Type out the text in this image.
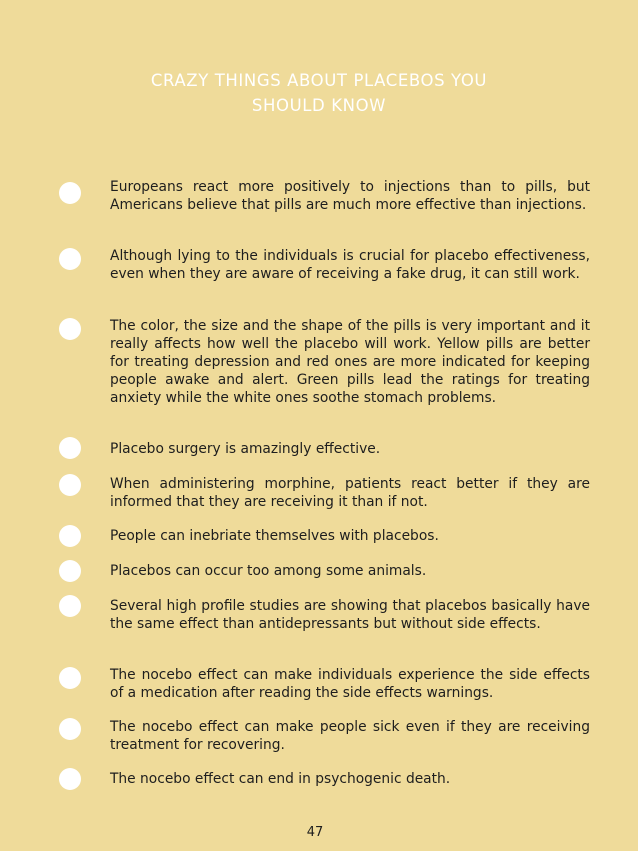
CRAZY THINGS ABOUT PLACEBOS YOU
SHOULD KNOW
Europeans react more positively to injections than to pills, but Americans believe that pills are much more effective than injections.
Although lying to the individuals is crucial for placebo effectiveness, even when they are aware of receiving a fake drug, it can still work.
The color, the size and the shape of the pills is very important and it really affects how well the placebo will work. Yellow pills are better for treating depression and red ones are more indicated for keeping people awake and alert. Green pills lead the ratings for treating anxiety while the white ones soothe stomach problems.
Placebo surgery is amazingly effective.
When administering morphine, patients react better if they are informed that they are receiving it than if not.
People can inebriate themselves with placebos.
Placebos can occur too among some animals.
Several high profile studies are showing that placebos basically have the same effect than antidepressants but without side effects.
The nocebo effect can make individuals experience the side effects of a medication after reading the side effects warnings.
The nocebo effect can make people sick even if they are receiving treatment for recovering.
The nocebo effect can end in psychogenic death.
47
